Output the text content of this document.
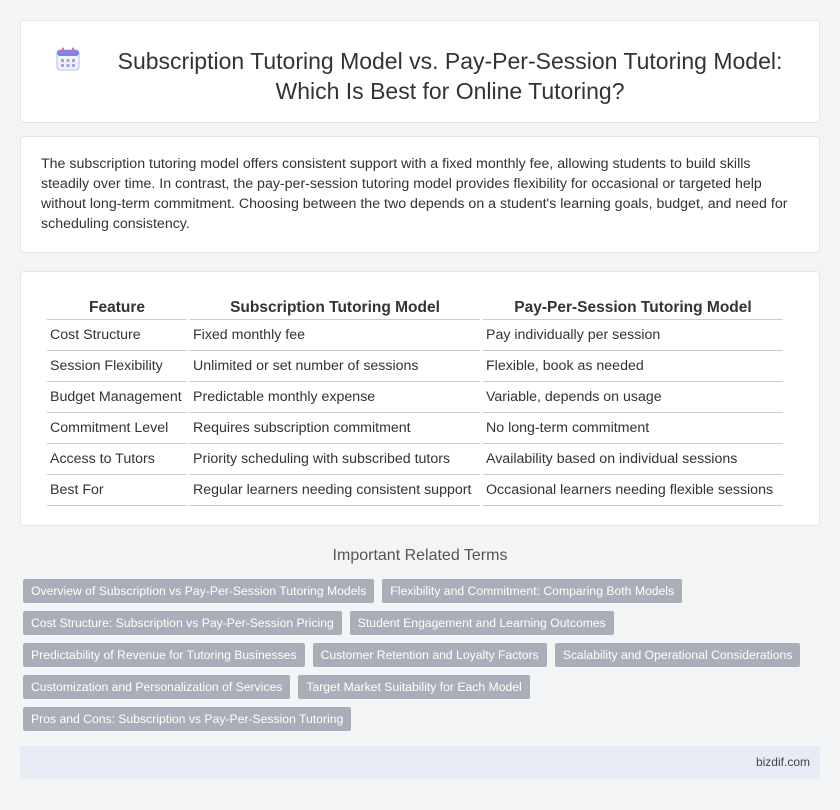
Subscription Tutoring Model vs. Pay-Per-Session Tutoring Model:
Which Is Best for Online Tutoring?

The subscription tutoring model offers consistent support with a fixed monthly fee, allowing students to build skills steadily over time. In contrast, the pay-per-session tutoring model provides flexibility for occasional or targeted help without long-term commitment. Choosing between the two depends on a student's learning goals, budget, and need for scheduling consistency.

Feature	Subscription Tutoring Model	Pay-Per-Session Tutoring Model
Cost Structure	Fixed monthly fee	Pay individually per session
Session Flexibility	Unlimited or set number of sessions	Flexible, book as needed
Budget Management	Predictable monthly expense	Variable, depends on usage
Commitment Level	Requires subscription commitment	No long-term commitment
Access to Tutors	Priority scheduling with subscribed tutors	Availability based on individual sessions
Best For	Regular learners needing consistent support	Occasional learners needing flexible sessions
Important Related Terms
Overview of Subscription vs Pay-Per-Session Tutoring Models	Flexibility and Commitment: Comparing Both Models
Cost Structure: Subscription vs Pay-Per-Session Pricing	Student Engagement and Learning Outcomes
Predictability of Revenue for Tutoring Businesses	Customer Retention and Loyalty Factors	Scalability and Operational Considerations
Customization and Personalization of Services	Target Market Suitability for Each Model
Pros and Cons: Subscription vs Pay-Per-Session Tutoring
bizdif.com
